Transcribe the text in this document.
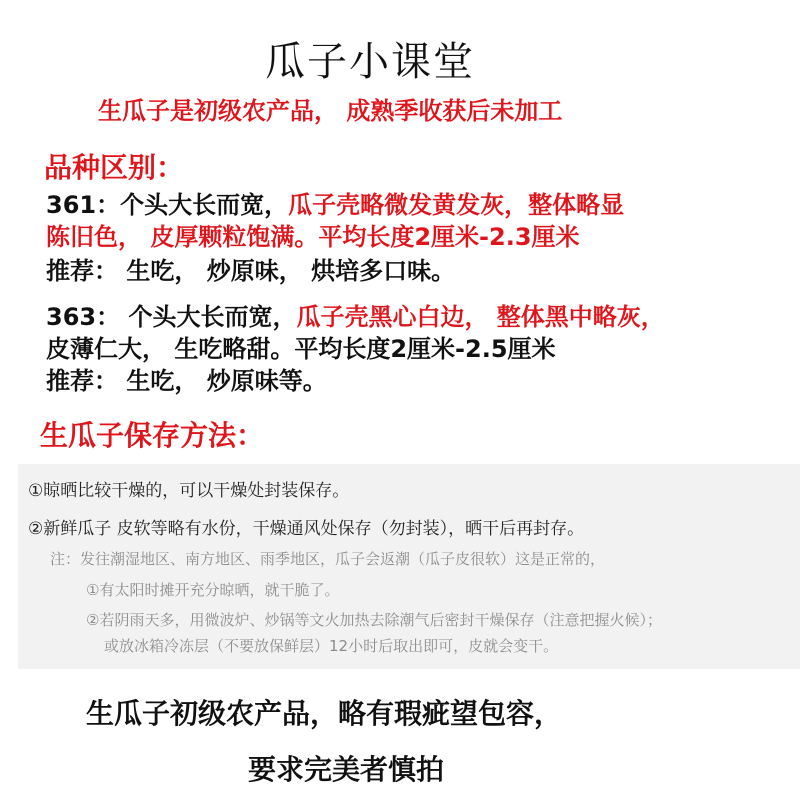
瓜子小课堂
生瓜子是初级农产品， 成熟季收获后未加工
品种区别：
361：个头大长而宽，瓜子壳略微发黄发灰，整体略显
陈旧色， 皮厚颗粒饱满。平均长度2厘米-2.3厘米
推荐： 生吃， 炒原味， 烘培多口味。
363： 个头大长而宽，瓜子壳黑心白边， 整体黑中略灰，
皮薄仁大， 生吃略甜。平均长度2厘米-2.5厘米
推荐： 生吃， 炒原味等。
生瓜子保存方法：
①晾晒比较干燥的，可以干燥处封装保存。
②新鲜瓜子 皮软等略有水份，干燥通风处保存（勿封装），晒干后再封存。
注：发往潮湿地区、南方地区、雨季地区，瓜子会返潮（瓜子皮很软）这是正常的，
①有太阳时摊开充分晾晒，就干脆了。
②若阴雨天多，用微波炉、炒锅等文火加热去除潮气后密封干燥保存（注意把握火候）；
或放冰箱冷冻层（不要放保鲜层）12小时后取出即可，皮就会变干。
生瓜子初级农产品，略有瑕疵望包容，
要求完美者慎拍
